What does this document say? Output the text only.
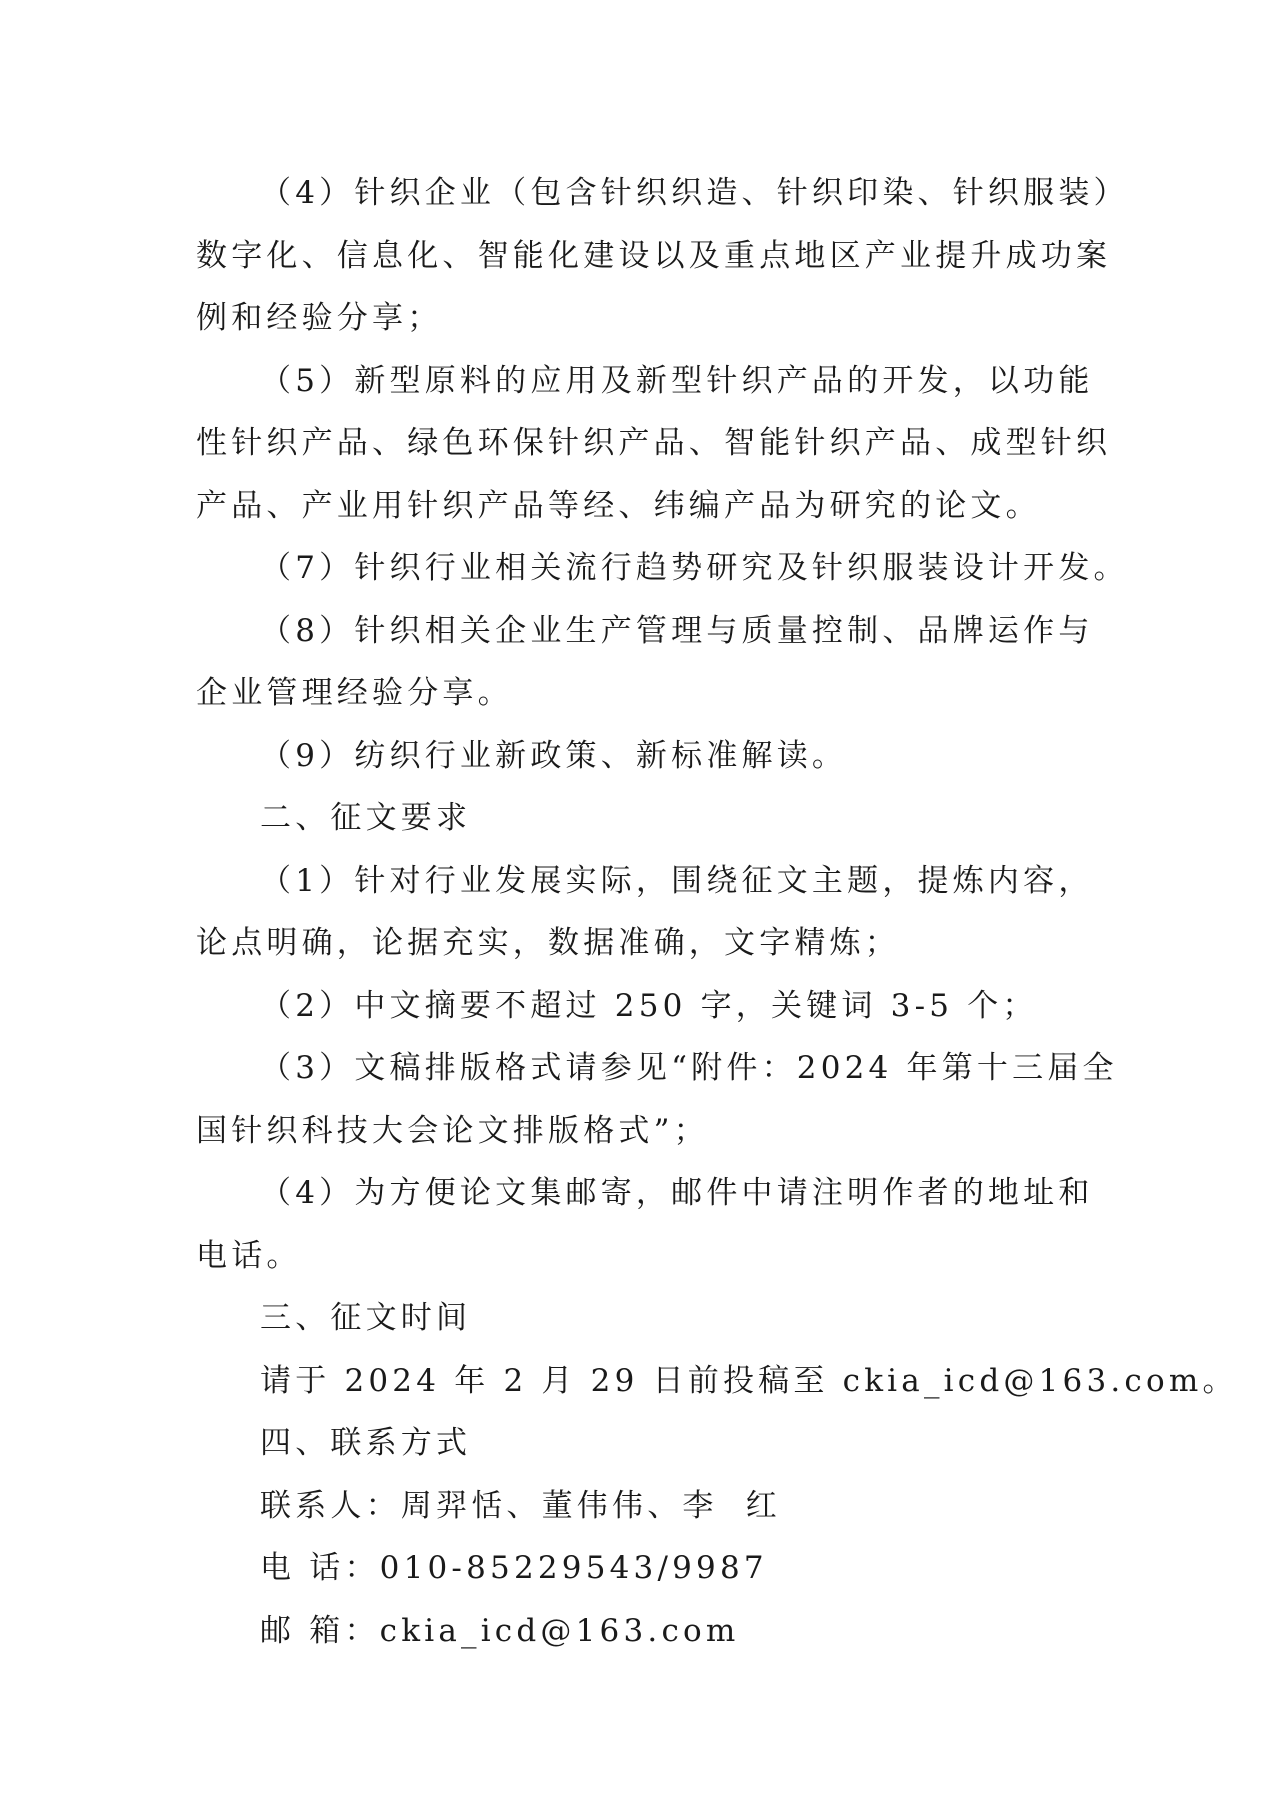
（4）针织企业（包含针织织造、针织印染、针织服装）
数字化、信息化、智能化建设以及重点地区产业提升成功案
例和经验分享；
（5）新型原料的应用及新型针织产品的开发，以功能
性针织产品、绿色环保针织产品、智能针织产品、成型针织
产品、产业用针织产品等经、纬编产品为研究的论文。
（7）针织行业相关流行趋势研究及针织服装设计开发。
（8）针织相关企业生产管理与质量控制、品牌运作与
企业管理经验分享。
（9）纺织行业新政策、新标准解读。
二、征文要求
（1）针对行业发展实际，围绕征文主题，提炼内容，
论点明确，论据充实，数据准确，文字精炼；
（2）中文摘要不超过 250 字，关键词 3-5 个；
（3）文稿排版格式请参见“附件：2024 年第十三届全
国针织科技大会论文排版格式”；
（4）为方便论文集邮寄，邮件中请注明作者的地址和
电话。
三、征文时间
请于 2024 年 2 月 29 日前投稿至 ckia_icd@163.com。
四、联系方式
联系人：周羿恬、董伟伟、李  红
电 话：010-85229543/9987
邮 箱：ckia_icd@163.com
